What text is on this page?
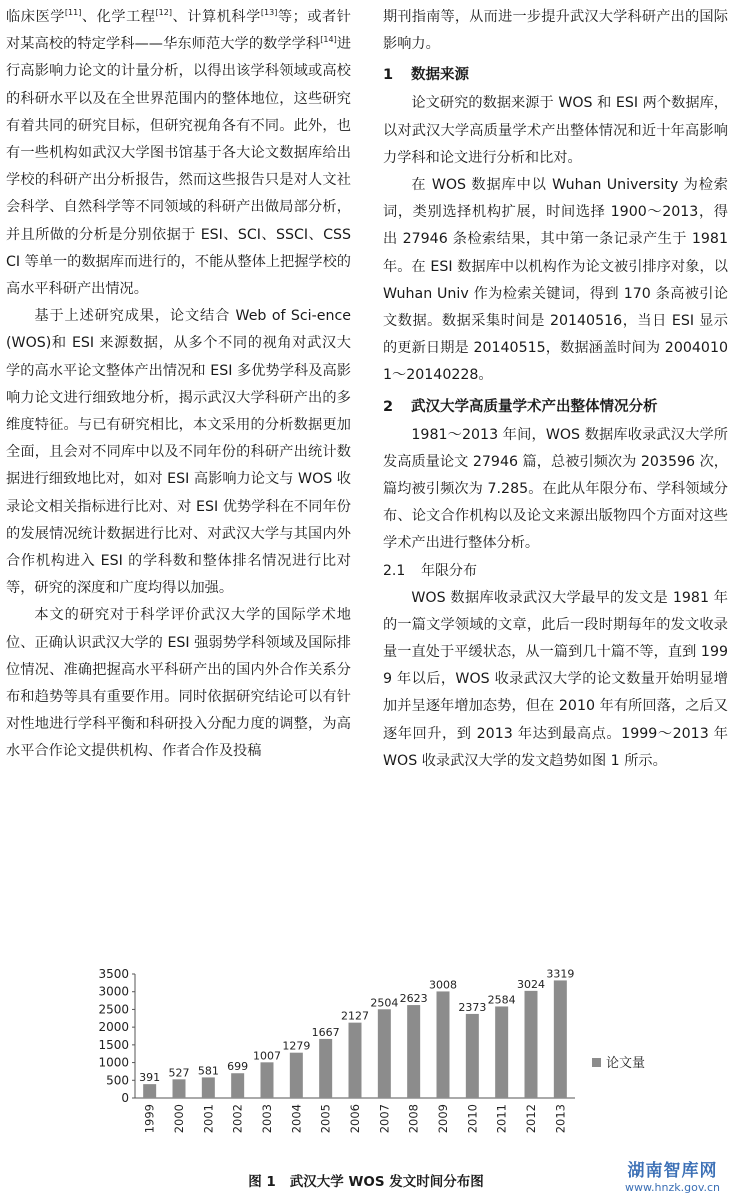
临床医学[11]、化学工程[12]、计算机科学[13]等；或者针对某高校的特定学科——华东师范大学的数学学科[14]进行高影响力论文的计量分析，以得出该学科领域或高校的科研水平以及在全世界范围内的整体地位，这些研究有着共同的研究目标，但研究视角各有不同。此外，也有一些机构如武汉大学图书馆基于各大论文数据库给出学校的科研产出分析报告，然而这些报告只是对人文社会科学、自然科学等不同领域的科研产出做局部分析，并且所做的分析是分别依据于 ESI、SCI、SSCI、CSSCI 等单一的数据库而进行的，不能从整体上把握学校的高水平科研产出情况。

基于上述研究成果，论文结合 Web of Sci-ence(WOS)和 ESI 来源数据，从多个不同的视角对武汉大学的高水平论文整体产出情况和 ESI 多优势学科及高影响力论文进行细致地分析，揭示武汉大学科研产出的多维度特征。与已有研究相比，本文采用的分析数据更加全面，且会对不同库中以及不同年份的科研产出统计数据进行细致地比对，如对 ESI 高影响力论文与 WOS 收录论文相关指标进行比对、对 ESI 优势学科在不同年份的发展情况统计数据进行比对、对武汉大学与其国内外合作机构进入 ESI 的学科数和整体排名情况进行比对等，研究的深度和广度均得以加强。

本文的研究对于科学评价武汉大学的国际学术地位、正确认识武汉大学的 ESI 强弱势学科领域及国际排位情况、准确把握高水平科研产出的国内外合作关系分布和趋势等具有重要作用。同时依据研究结论可以有针对性地进行学科平衡和科研投入分配力度的调整，为高水平合作论文提供机构、作者合作及投稿

期刊指南等，从而进一步提升武汉大学科研产出的国际影响力。

1 数据来源

论文研究的数据来源于 WOS 和 ESI 两个数据库，以对武汉大学高质量学术产出整体情况和近十年高影响力学科和论文进行分析和比对。

在 WOS 数据库中以 Wuhan University 为检索词，类别选择机构扩展，时间选择 1900～2013，得出 27946 条检索结果，其中第一条记录产生于 1981 年。在 ESI 数据库中以机构作为论文被引排序对象，以 Wuhan Univ 作为检索关键词，得到 170 条高被引论文数据。数据采集时间是 20140516，当日 ESI 显示的更新日期是 20140515，数据涵盖时间为 20040101～20140228。

2 武汉大学高质量学术产出整体情况分析

1981～2013 年间，WOS 数据库收录武汉大学所发高质量论文 27946 篇，总被引频次为 203596 次，篇均被引频次为 7.285。在此从年限分布、学科领域分布、论文合作机构以及论文来源出版物四个方面对这些学术产出进行整体分析。

2.1 年限分布

WOS 数据库收录武汉大学最早的发文是 1981 年的一篇文学领域的文章，此后一段时期每年的发文收录量一直处于平缓状态，从一篇到几十篇不等，直到 1999 年以后，WOS 收录武汉大学的论文数量开始明显增加并呈逐年增加态势，但在 2010 年有所回落，之后又逐年回升，到 2013 年达到最高点。1999～2013 年 WOS 收录武汉大学的发文趋势如图 1 所示。

0
500
1000
1500
2000
2500
3000
3500
391
1999
527
2000
581
2001
699
2002
1007
2003
1279
2004
1667
2005
2127
2006
2504
2007
2623
2008
3008
2009
2373
2010
2584
2011
3024
2012
3319
2013
论文量

图 1 武汉大学 WOS 发文时间分布图

湖南智库网
www.hnzk.gov.cn
